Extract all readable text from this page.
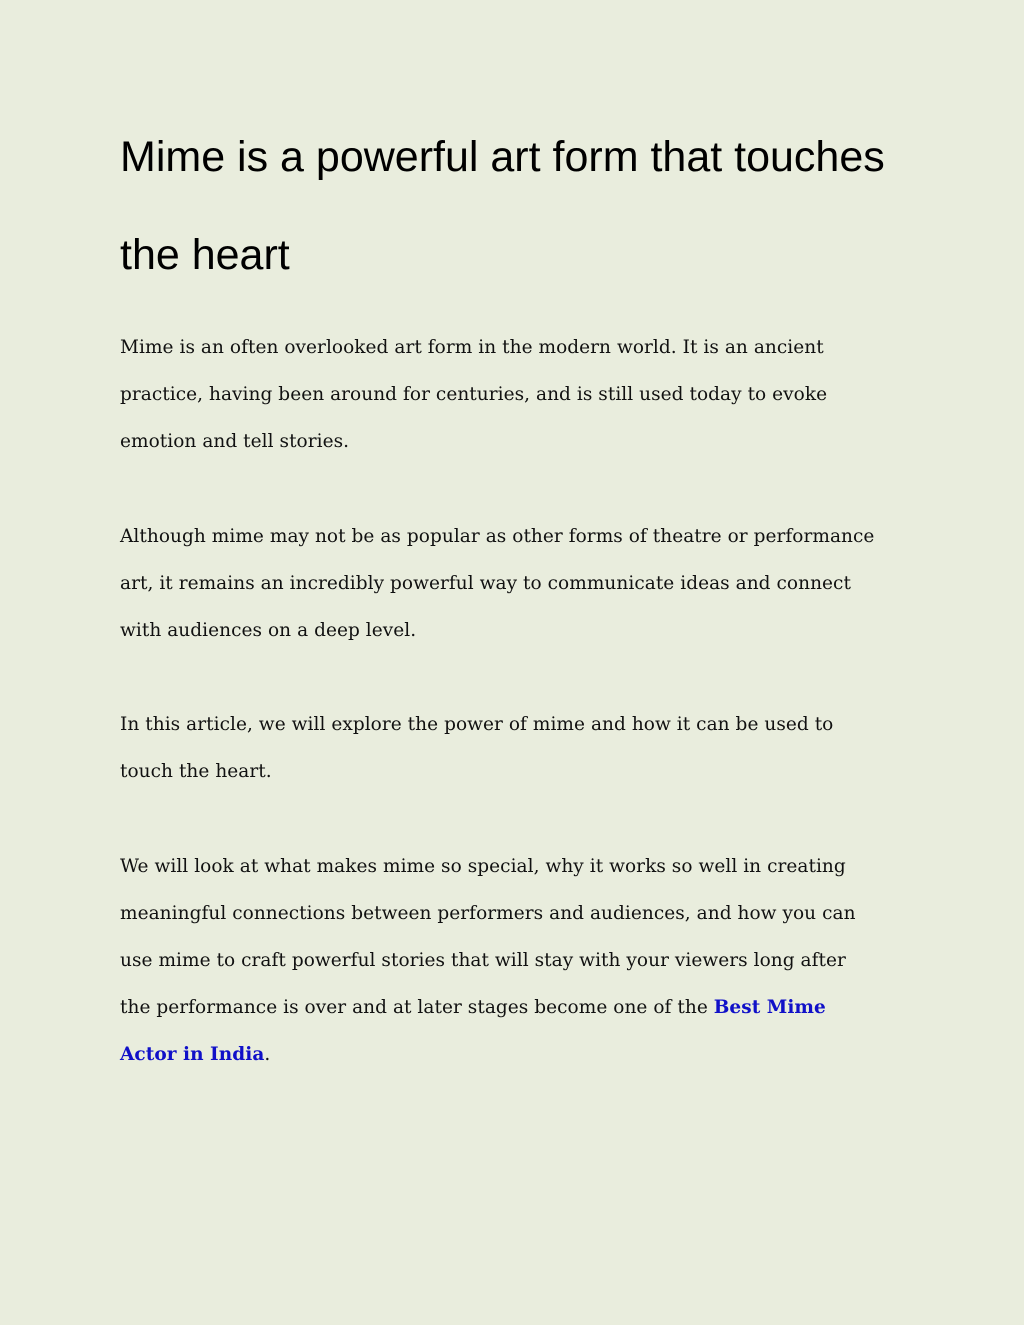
Mime is a powerful art form that touches
the heart

Mime is an often overlooked art form in the modern world. It is an ancient
practice, having been around for centuries, and is still used today to evoke
emotion and tell stories.

Although mime may not be as popular as other forms of theatre or performance
art, it remains an incredibly powerful way to communicate ideas and connect
with audiences on a deep level.

In this article, we will explore the power of mime and how it can be used to
touch the heart.

We will look at what makes mime so special, why it works so well in creating
meaningful connections between performers and audiences, and how you can
use mime to craft powerful stories that will stay with your viewers long after
the performance is over and at later stages become one of the Best Mime
Actor in India.
